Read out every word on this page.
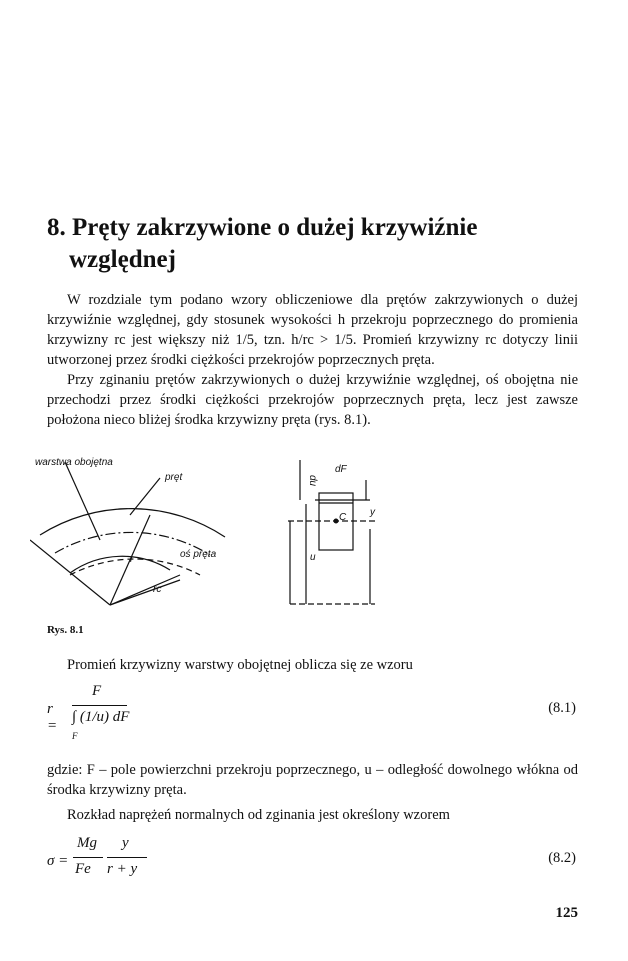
8. Pręty zakrzywione o dużej krzywiźnie
względnej

W rozdziale tym podano wzory obliczeniowe dla prętów zakrzywionych o dużej krzywiźnie względnej, gdy stosunek wysokości h przekroju poprzecznego do promienia krzywizny rc jest większy niż 1/5, tzn. h/rc > 1/5. Promień krzywizny rc dotyczy linii utworzonej przez środki ciężkości przekrojów poprzecznych pręta.

Przy zginaniu prętów zakrzywionych o dużej krzywiźnie względnej, oś obojętna nie przechodzi przez środki ciężkości przekrojów poprzecznych pręta, lecz jest zawsze położona nieco bliżej środka krzywizny pręta (rys. 8.1).

warstwa obojętna
pręt
oś pręta
rc
r
du
dF
C y
u
Rys. 8.1

Promień krzywizny warstwy obojętnej oblicza się ze wzoru

r =
F
∫ (1/u) dF
F
(8.1)

gdzie: F – pole powierzchni przekroju poprzecznego, u – odległość dowolnego włókna od środka krzywizny pręta.

Rozkład naprężeń normalnych od zginania jest określony wzorem

σ =
Mg
Fe
y
r + y
(8.2)
125
